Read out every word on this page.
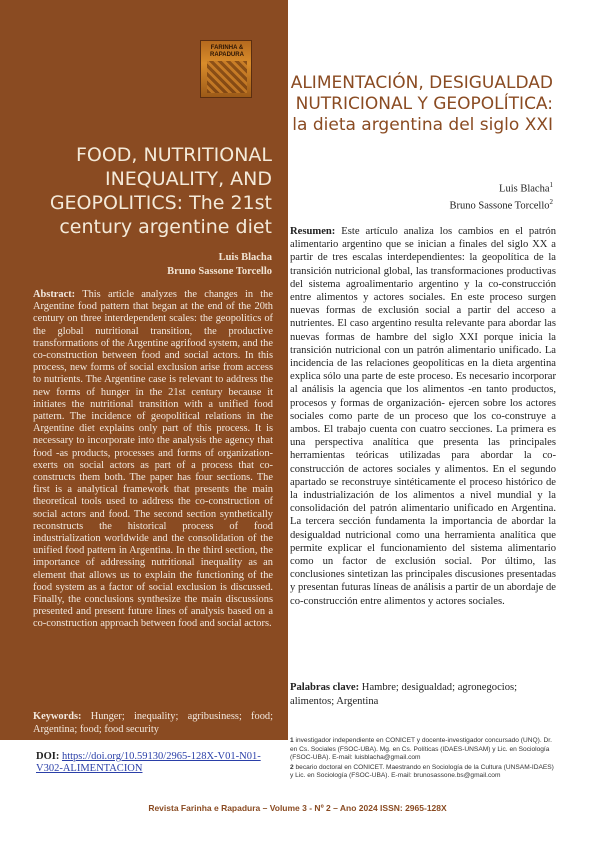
FARINHA & RAPADURA
FOOD, NUTRITIONAL INEQUALITY, AND GEOPOLITICS: The 21st century argentine diet
Luis Blacha
Bruno Sassone Torcello
Abstract: This article analyzes the changes in the Argentine food pattern that began at the end of the 20th century on three interdependent scales: the geopolitics of the global nutritional transition, the productive transformations of the Argentine agrifood system, and the co-construction between food and social actors. In this process, new forms of social exclusion arise from access to nutrients. The Argentine case is relevant to address the new forms of hunger in the 21st century because it initiates the nutritional transition with a unified food pattern. The incidence of geopolitical relations in the Argentine diet explains only part of this process. It is necessary to incorporate into the analysis the agency that food -as products, processes and forms of organization- exerts on social actors as part of a process that co-constructs them both. The paper has four sections. The first is a analytical framework that presents the main theoretical tools used to address the co-construction of social actors and food. The second section synthetically reconstructs the historical process of food industrialization worldwide and the consolidation of the unified food pattern in Argentina. In the third section, the importance of addressing nutritional inequality as an element that allows us to explain the functioning of the food system as a factor of social exclusion is discussed. Finally, the conclusions synthesize the main discussions presented and present future lines of analysis based on a co-construction approach between food and social actors.
Keywords: Hunger; inequality; agribusiness; food; Argentina; food; food security
DOI: https://doi.org/10.59130/2965-128X-V01-N01-V302-ALIMENTACION
ALIMENTACIÓN, DESIGUALDAD NUTRICIONAL Y GEOPOLÍTICA: la dieta argentina del siglo XXI
Luis Blacha$^1$
Bruno Sassone Torcello$^2$
Resumen: Este artículo analiza los cambios en el patrón alimentario argentino que se inician a finales del siglo XX a partir de tres escalas interdependientes: la geopolítica de la transición nutricional global, las transformaciones productivas del sistema agroalimentario argentino y la co-construcción entre alimentos y actores sociales. En este proceso surgen nuevas formas de exclusión social a partir del acceso a nutrientes. El caso argentino resulta relevante para abordar las nuevas formas de hambre del siglo XXI porque inicia la transición nutricional con un patrón alimentario unificado. La incidencia de las relaciones geopolíticas en la dieta argentina explica sólo una parte de este proceso. Es necesario incorporar al análisis la agencia que los alimentos -en tanto productos, procesos y formas de organización- ejercen sobre los actores sociales como parte de un proceso que los co-construye a ambos. El trabajo cuenta con cuatro secciones. La primera es una perspectiva analítica que presenta las principales herramientas teóricas utilizadas para abordar la co-construcción de actores sociales y alimentos. En el segundo apartado se reconstruye sintéticamente el proceso histórico de la industrialización de los alimentos a nivel mundial y la consolidación del patrón alimentario unificado en Argentina. La tercera sección fundamenta la importancia de abordar la desigualdad nutricional como una herramienta analítica que permite explicar el funcionamiento del sistema alimentario como un factor de exclusión social. Por último, las conclusiones sintetizan las principales discusiones presentadas y presentan futuras líneas de análisis a partir de un abordaje de co-construcción entre alimentos y actores sociales.
Palabras clave: Hambre; desigualdad; agronegocios; alimentos; Argentina
1 investigador independiente en CONICET y docente-investigador concursado (UNQ). Dr. en Cs. Sociales (FSOC-UBA). Mg. en Cs. Políticas (IDAES-UNSAM) y Lic. en Sociología (FSOC-UBA). E-mail: luisblacha@gmail.com
2 becario doctoral en CONICET. Maestrando en Sociología de la Cultura (UNSAM-IDAES) y Lic. en Sociología (FSOC-UBA). E-mail: brunosassone.bs@gmail.com
Revista Farinha e Rapadura – Volume 3 - Nº 2 – Ano 2024 ISSN: 2965-128X
